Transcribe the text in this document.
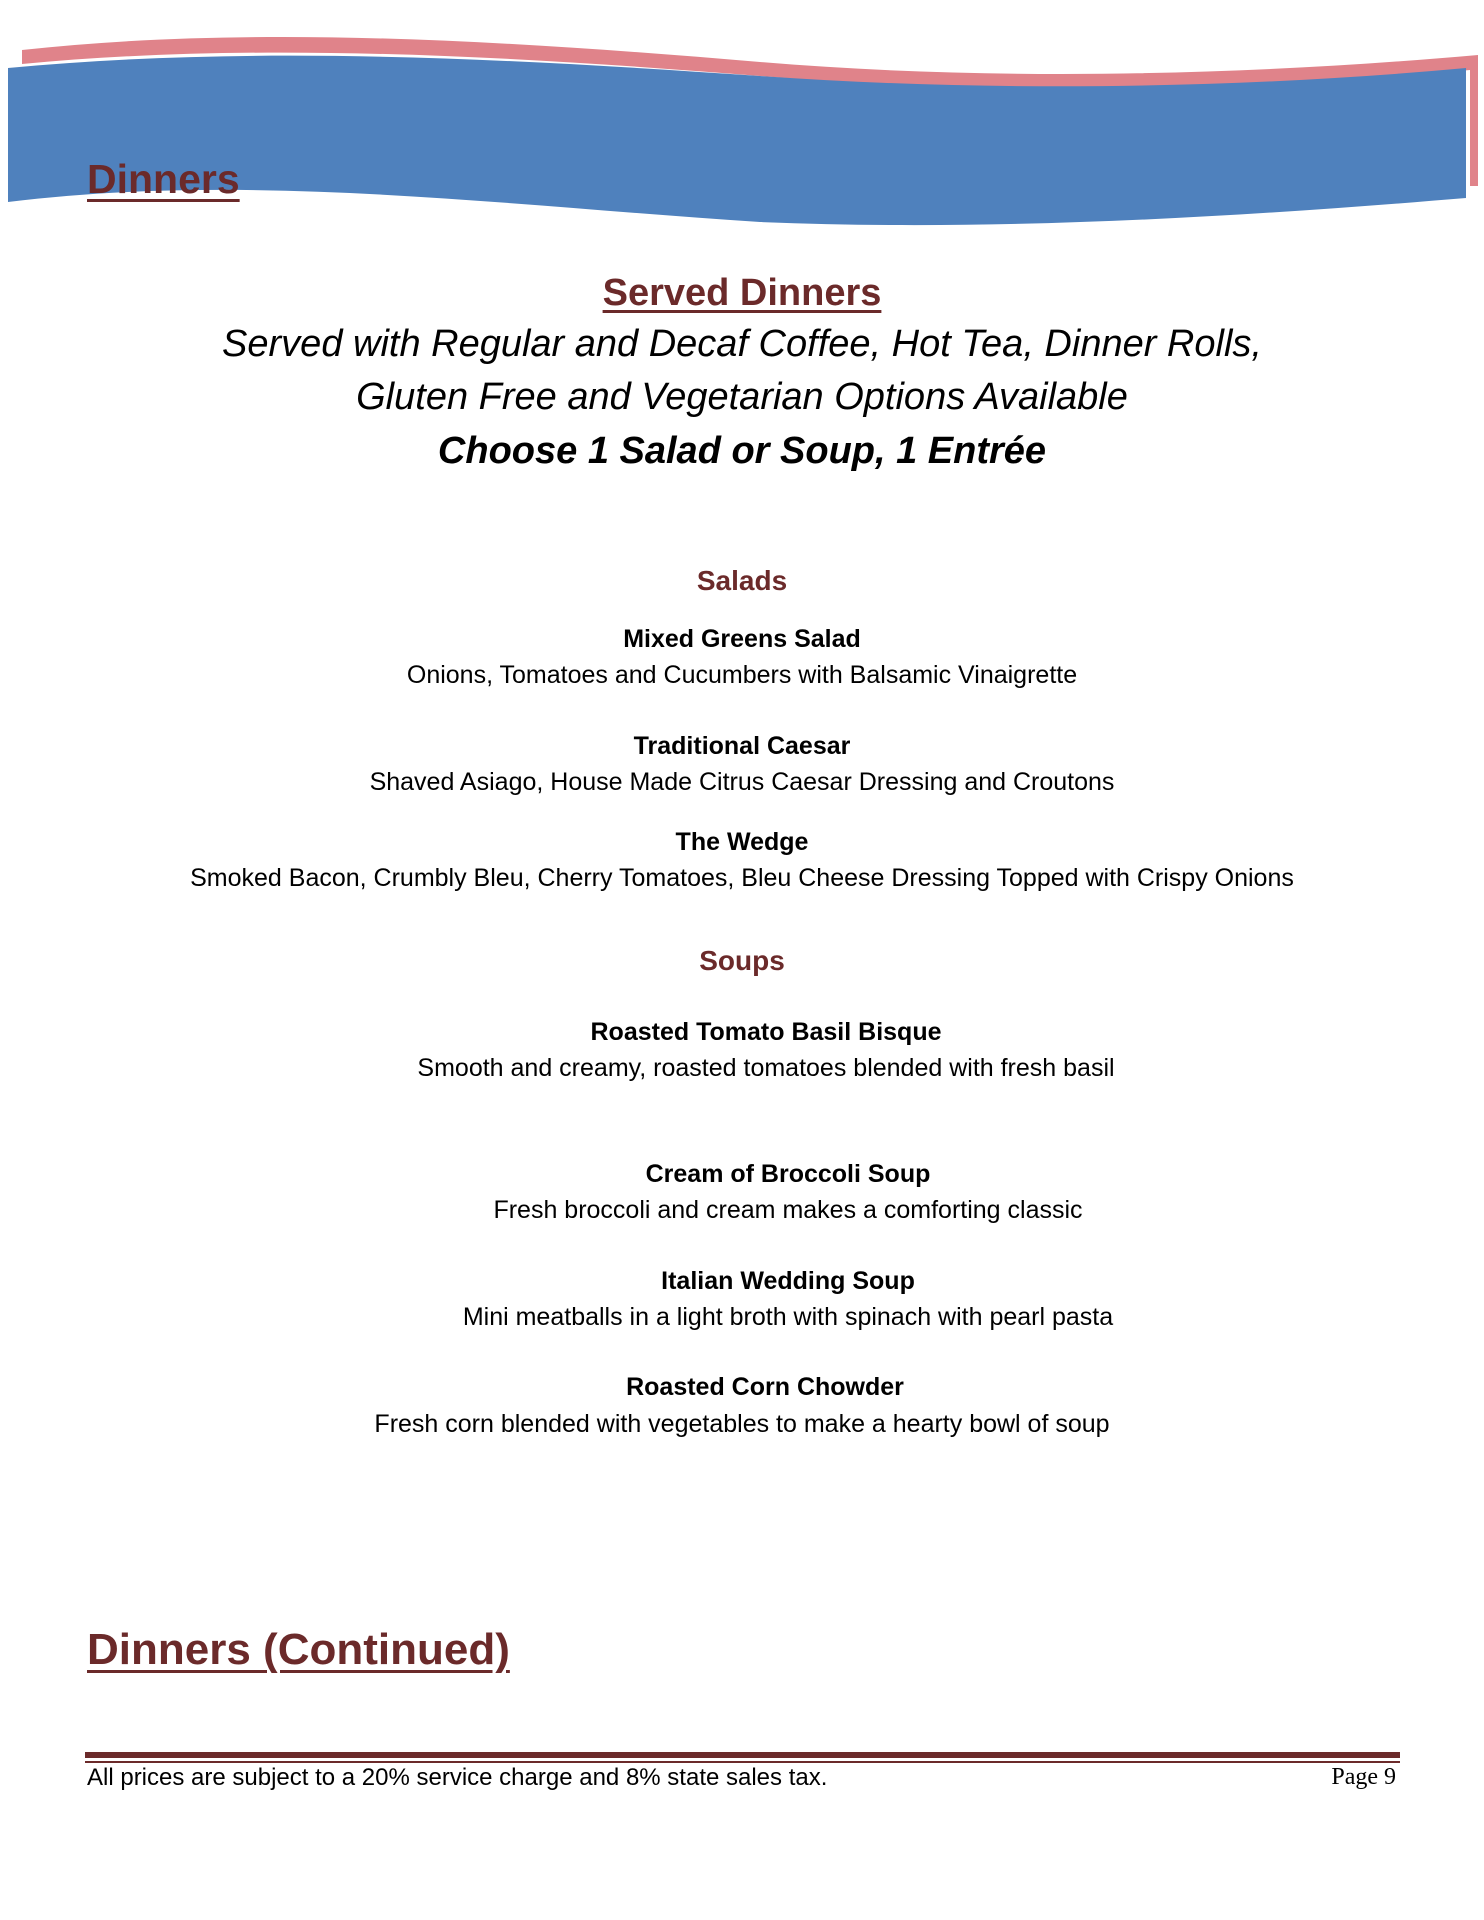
Dinners
Served Dinners
Served with Regular and Decaf Coffee, Hot Tea, Dinner Rolls,
Gluten Free and Vegetarian Options Available
Choose 1 Salad or Soup, 1 Entrée
Salads
Mixed Greens Salad
Onions, Tomatoes and Cucumbers with Balsamic Vinaigrette
Traditional Caesar
Shaved Asiago, House Made Citrus Caesar Dressing and Croutons
The Wedge
Smoked Bacon, Crumbly Bleu, Cherry Tomatoes, Bleu Cheese Dressing Topped with Crispy Onions
Soups
Roasted Tomato Basil Bisque
Smooth and creamy, roasted tomatoes blended with fresh basil
Cream of Broccoli Soup
Fresh broccoli and cream makes a comforting classic
Italian Wedding Soup
Mini meatballs in a light broth with spinach with pearl pasta
Roasted Corn Chowder
Fresh corn blended with vegetables to make a hearty bowl of soup
Dinners (Continued)
All prices are subject to a 20% service charge and 8% state sales tax.	Page 9
